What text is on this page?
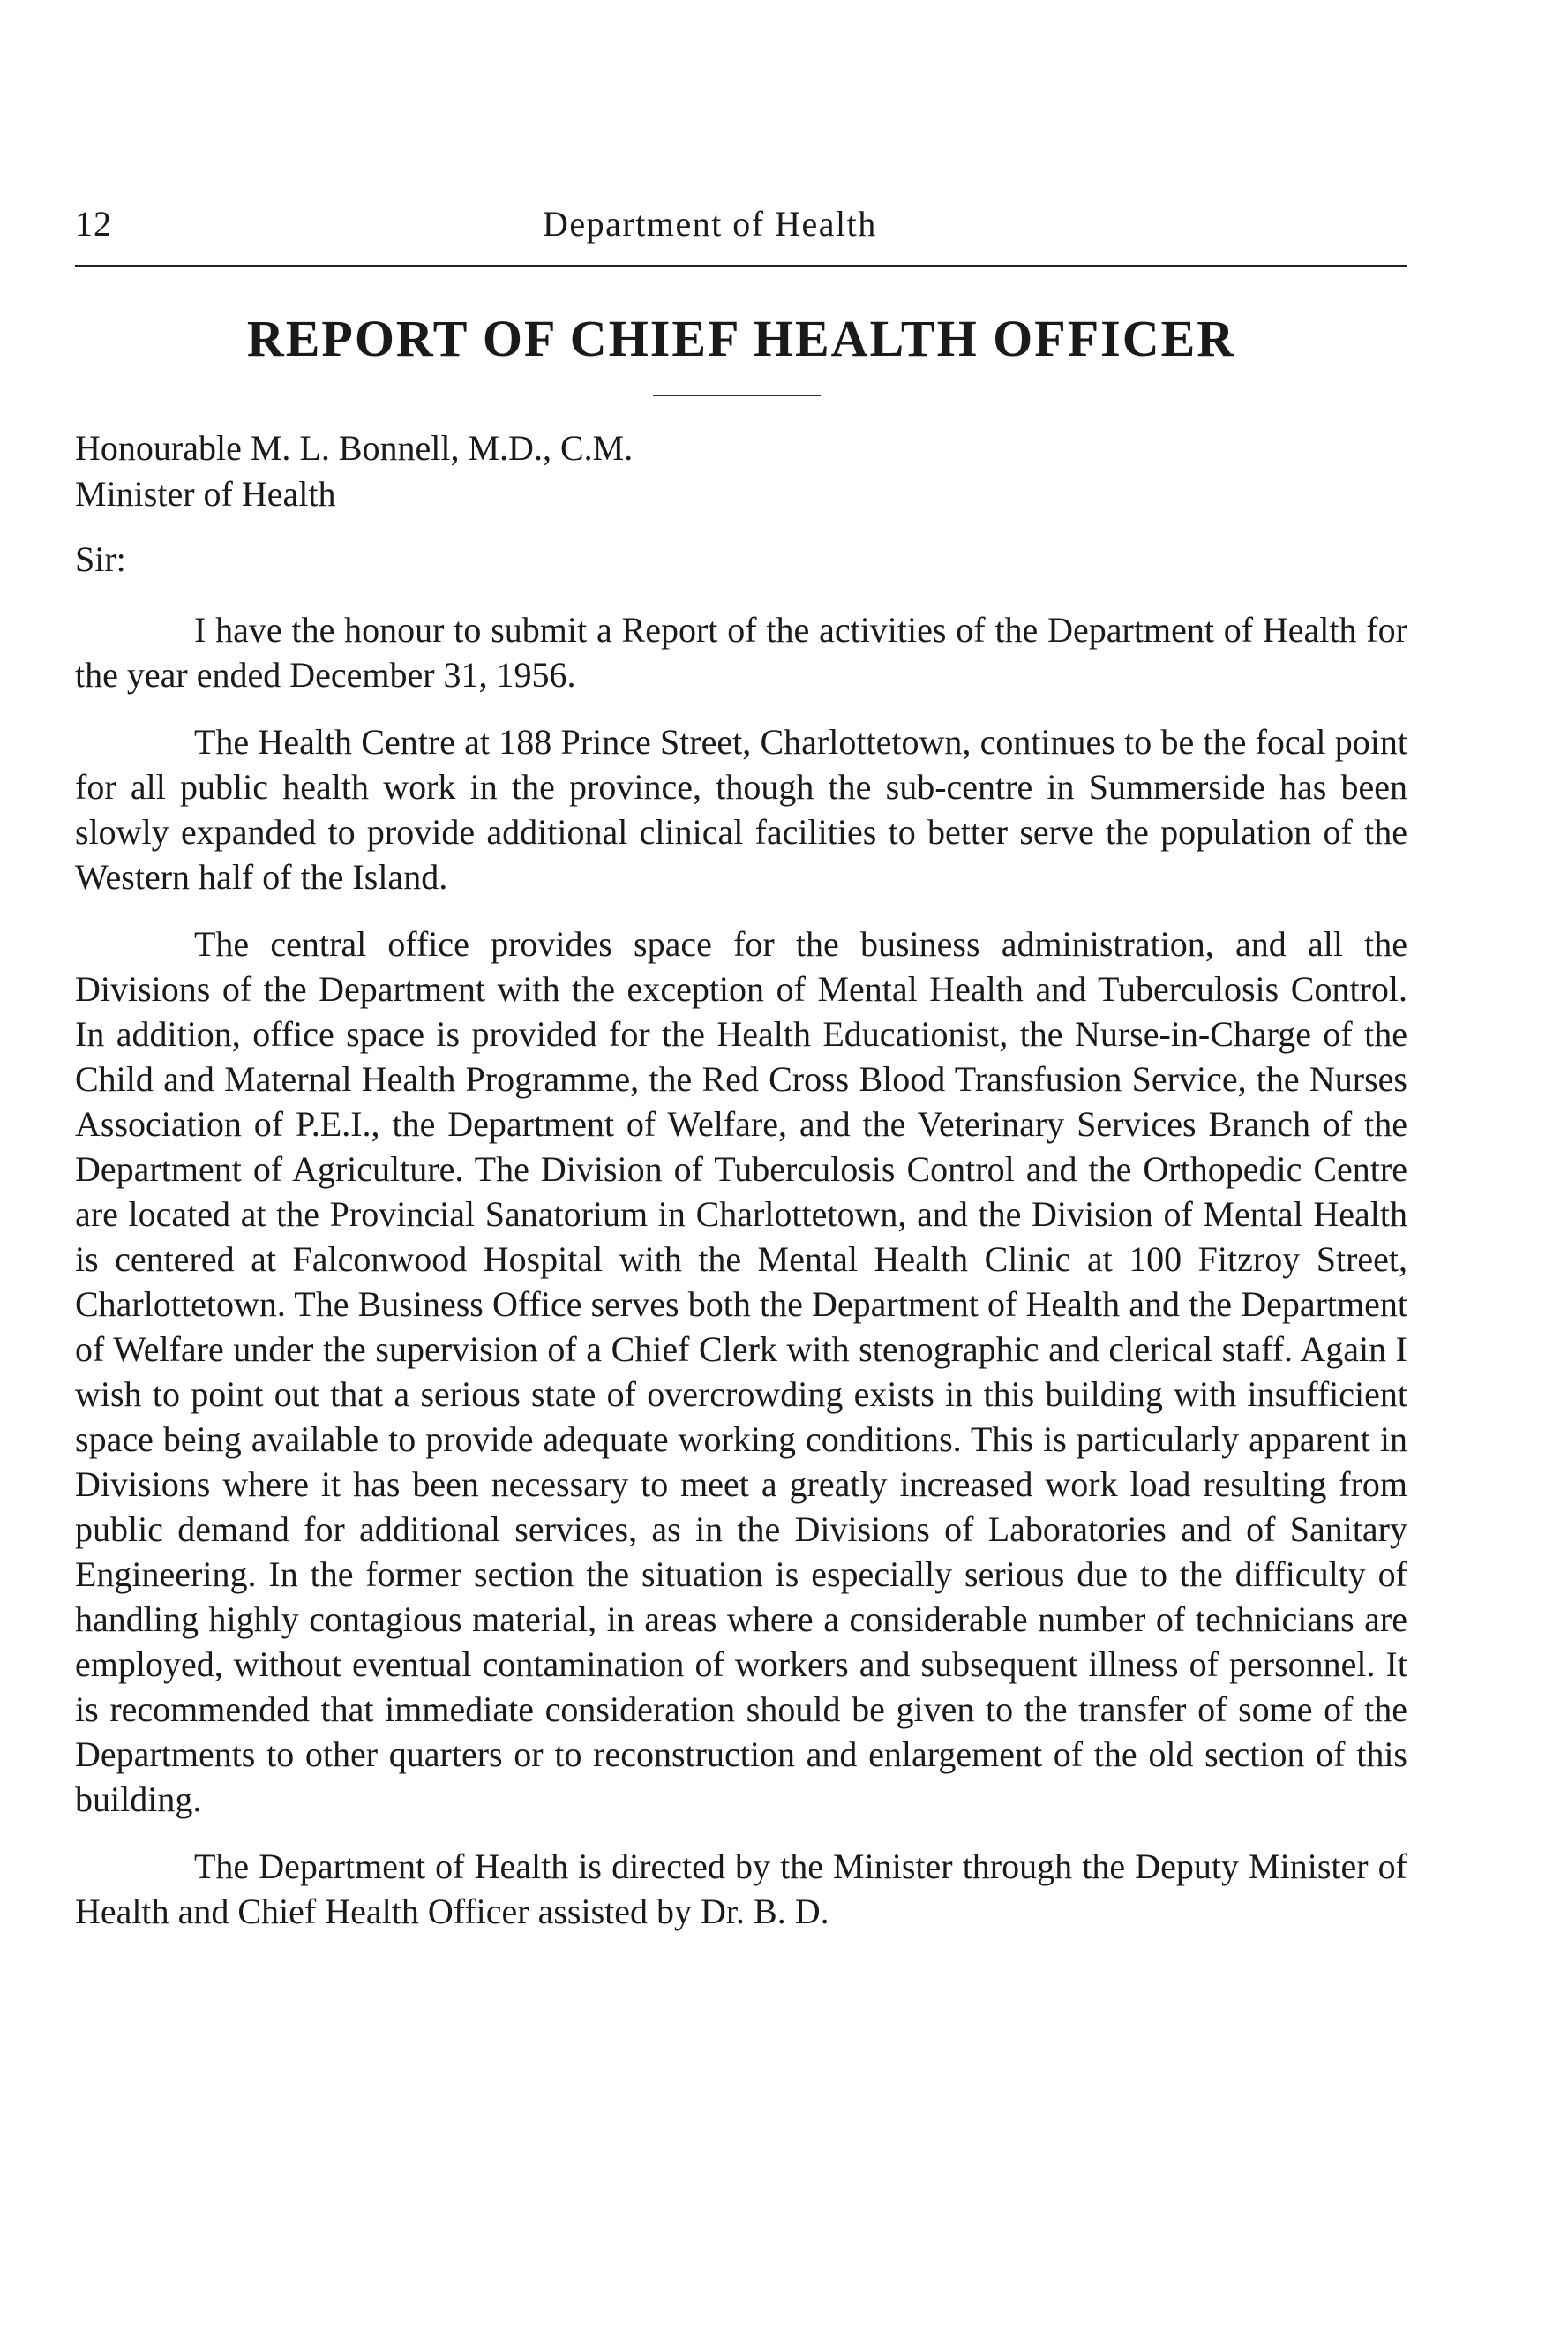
12	Department of Health
REPORT OF CHIEF HEALTH OFFICER
Honourable M. L. Bonnell, M.D., C.M.
Minister of Health
Sir:

I have the honour to submit a Report of the activities of the Department of Health for the year ended December 31, 1956.

The Health Centre at 188 Prince Street, Charlottetown, continues to be the focal point for all public health work in the province, though the sub-centre in Summerside has been slowly expanded to provide additional clinical facilities to better serve the population of the Western half of the Island.

The central office provides space for the business administration, and all the Divisions of the Department with the exception of Mental Health and Tuberculosis Control. In addition, office space is provided for the Health Educationist, the Nurse-in-Charge of the Child and Maternal Health Programme, the Red Cross Blood Transfusion Service, the Nurses Association of P.E.I., the Department of Welfare, and the Veterinary Services Branch of the Department of Agriculture. The Division of Tuberculosis Control and the Orthopedic Centre are located at the Provincial Sanatorium in Charlottetown, and the Division of Mental Health is centered at Falconwood Hospital with the Mental Health Clinic at 100 Fitzroy Street, Charlottetown. The Business Office serves both the Department of Health and the Department of Welfare under the supervision of a Chief Clerk with stenographic and clerical staff. Again I wish to point out that a serious state of overcrowding exists in this building with insufficient space being available to provide adequate working conditions. This is particularly apparent in Divisions where it has been necessary to meet a greatly increased work load resulting from public demand for additional services, as in the Divisions of Laboratories and of Sanitary Engineering. In the former section the situation is especially serious due to the difficulty of handling highly contagious material, in areas where a considerable number of technicians are employed, without eventual contamination of workers and subsequent illness of personnel. It is recommended that immediate consideration should be given to the transfer of some of the Departments to other quarters or to reconstruction and enlargement of the old section of this building.

The Department of Health is directed by the Minister through the Deputy Minister of Health and Chief Health Officer assisted by Dr. B. D.
